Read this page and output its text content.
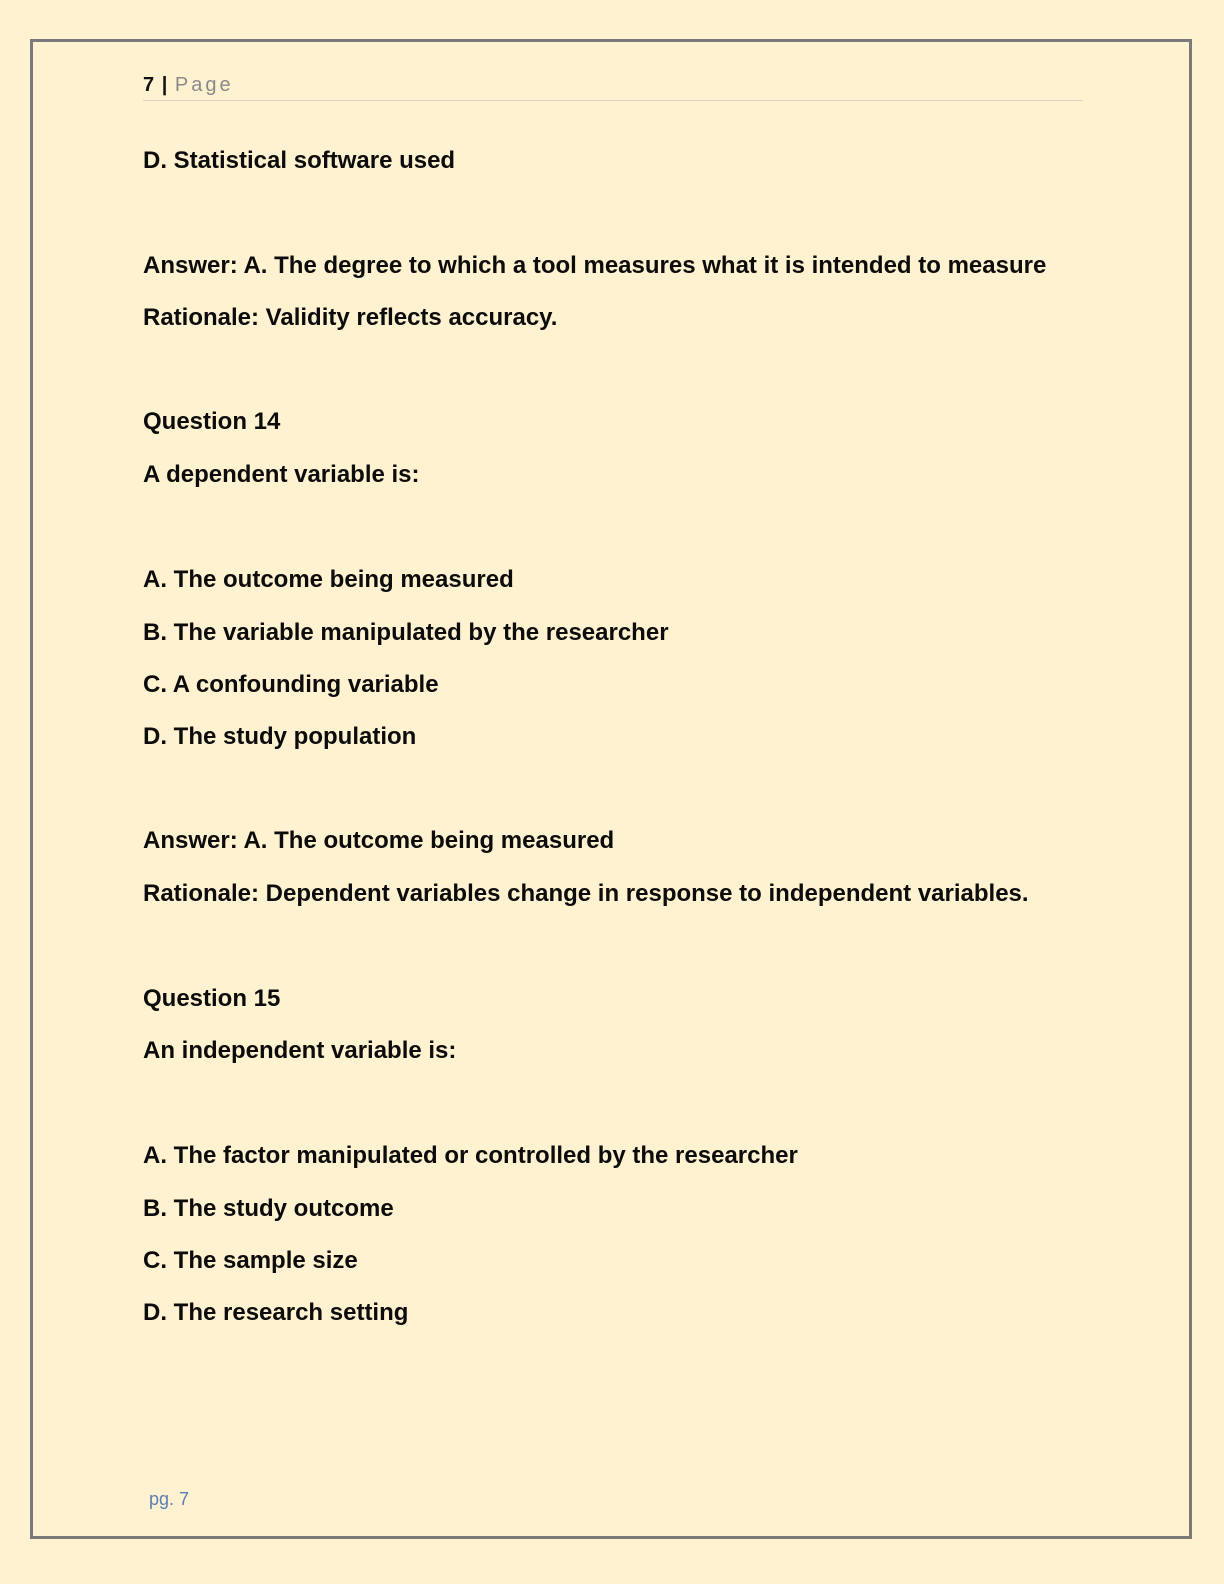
7 | Page
D. Statistical software used
Answer: A. The degree to which a tool measures what it is intended to measure
Rationale: Validity reflects accuracy.
Question 14
A dependent variable is:
A. The outcome being measured
B. The variable manipulated by the researcher
C. A confounding variable
D. The study population
Answer: A. The outcome being measured
Rationale: Dependent variables change in response to independent variables.
Question 15
An independent variable is:
A. The factor manipulated or controlled by the researcher
B. The study outcome
C. The sample size
D. The research setting
pg. 7
